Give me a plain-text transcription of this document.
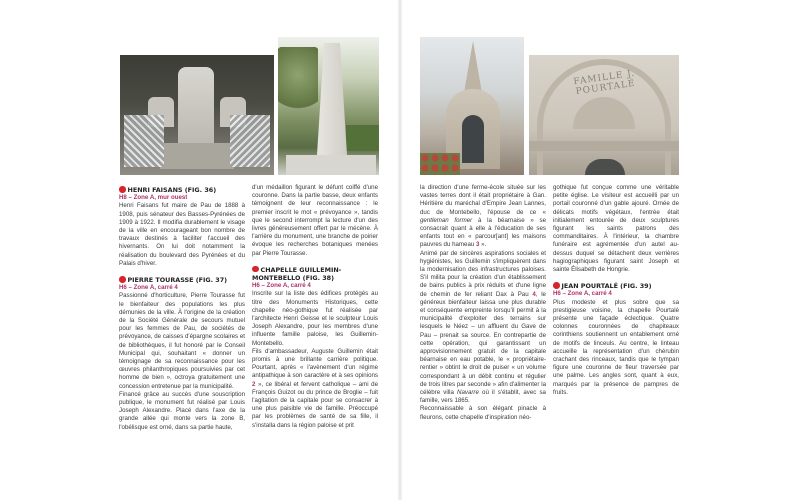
FAMILLE J. POURTALÉ
HENRI FAISANS (FIG. 36)
H8 – Zone A, mur ouest

Henri Faisans fut maire de Pau de 1888 à 1908, puis sénateur des Basses-Pyrénées de 1909 à 1922. Il modifia durablement le visage de la ville en encourageant bon nombre de travaux destinés à faciliter l'accueil des hivernants. On lui doit notamment la réalisation du boulevard des Pyrénées et du Palais d'hiver.

PIERRE TOURASSE (FIG. 37)
H6 – Zone A, carré 4

Passionné d'horticulture, Pierre Tourasse fut le bienfaiteur des populations les plus démunies de la ville. À l'origine de la création de la Société Générale de secours mutuel pour les femmes de Pau, de sociétés de prévoyance, de caisses d'épargne scolaires et de bibliothèques, il fut honoré par le Conseil Municipal qui, souhaitant « donner un témoignage de sa reconnaissance pour les œuvres philanthropiques poursuivies par cet homme de bien », octroya gratuitement une concession entretenue par la municipalité.

Financé grâce au succès d'une souscription publique, le monument fut réalisé par Louis Joseph Alexandre. Placé dans l'axe de la grande allée qui monte vers la zone B, l'obélisque est orné, dans sa partie haute,

d'un médaillon figurant le défunt coiffé d'une couronne. Dans la partie basse, deux enfants témoignent de leur reconnaissance : le premier inscrit le mot « prévoyance », tandis que le second interrompt la lecture d'un des livres généreusement offert par le mécène. À l'arrière du monument, une branche de poirier évoque les recherches botaniques menées par Pierre Tourasse.

CHAPELLE GUILLEMIN-MONTEBELLO (FIG. 38)
H6 – Zone A, carré 4

Inscrite sur la liste des édifices protégés au titre des Monuments Historiques, cette chapelle néo-gothique fut réalisée par l'architecte Henri Geisse et le sculpteur Louis Joseph Alexandre, pour les membres d'une influente famille paloise, les Guillemin-Montebello.

Fils d'ambassadeur, Auguste Guillemin était promis à une brillante carrière politique. Pourtant, après « l'avènement d'un régime antipathique à son caractère et à ses opinions 2 », ce libéral et fervent catholique – ami de François Guizot ou du prince de Broglie – fuit l'agitation de la capitale pour se consacrer à une plus paisible vie de famille. Préoccupé par les problèmes de santé de sa fille, il s'installa dans la région paloise et prit

la direction d'une ferme-école située sur les vastes terres dont il était propriétaire à Gan. Héritière du maréchal d'Empire Jean Lannes, duc de Montebello, l'épouse de ce « gentleman former à la béarnaise » se consacrait quant à elle à l'éducation de ses enfants tout en « parcour[ant] les maisons pauvres du hameau 3 ».

Animé par de sincères aspirations sociales et hygiénistes, les Guillemin s'impliquèrent dans la modernisation des infrastructures paloises. S'il milita pour la création d'un établissement de bains publics à prix réduits et d'une ligne de chemin de fer reliant Dax à Pau 4, le généreux bienfaiteur laissa une plus durable et conséquente empreinte lorsqu'il permit à la municipalité d'exploiter des terrains sur lesquels le Néez – un affluent du Gave de Pau – prenait sa source. En contrepartie de cette opération, qui garantissant un approvisionnement gratuit de la capitale béarnaise en eau potable, le « propriétaire-rentier » obtint le droit de puiser « un volume correspondant à un débit continu et régulier de trois litres par seconde » afin d'alimenter la célèbre villa Navarre où il s'établit, avec sa famille, vers 1865.

Reconnaissable à son élégant pinacle à fleurons, cette chapelle d'inspiration néo-

gothique fut conçue comme une véritable petite église. Le visiteur est accueilli par un portail couronné d'un gable ajouré. Ornée de délicats motifs végétaux, l'entrée était initialement entourée de deux sculptures figurant les saints patrons des commanditaires. À l'intérieur, la chambre funéraire est agrémentée d'un autel au-dessus duquel se détachent deux verrières hagiographiques figurant saint Joseph et sainte Élisabeth de Hongrie.

JEAN POURTALÉ (FIG. 39)
H6 – Zone A, carré 4

Plus modeste et plus sobre que sa prestigieuse voisine, la chapelle Pourtalé présente une façade éclectique. Quatre colonnes couronnées de chapiteaux corinthiens soutiennent un entablement orné de motifs de linceuls. Au centre, le linteau accueille la représentation d'un chérubin crachant des rinceaux, tandis que le tympan figure une couronne de fleur traversée par une palme. Les angles sont, quant à eux, marqués par la présence de pampres de fruits.
